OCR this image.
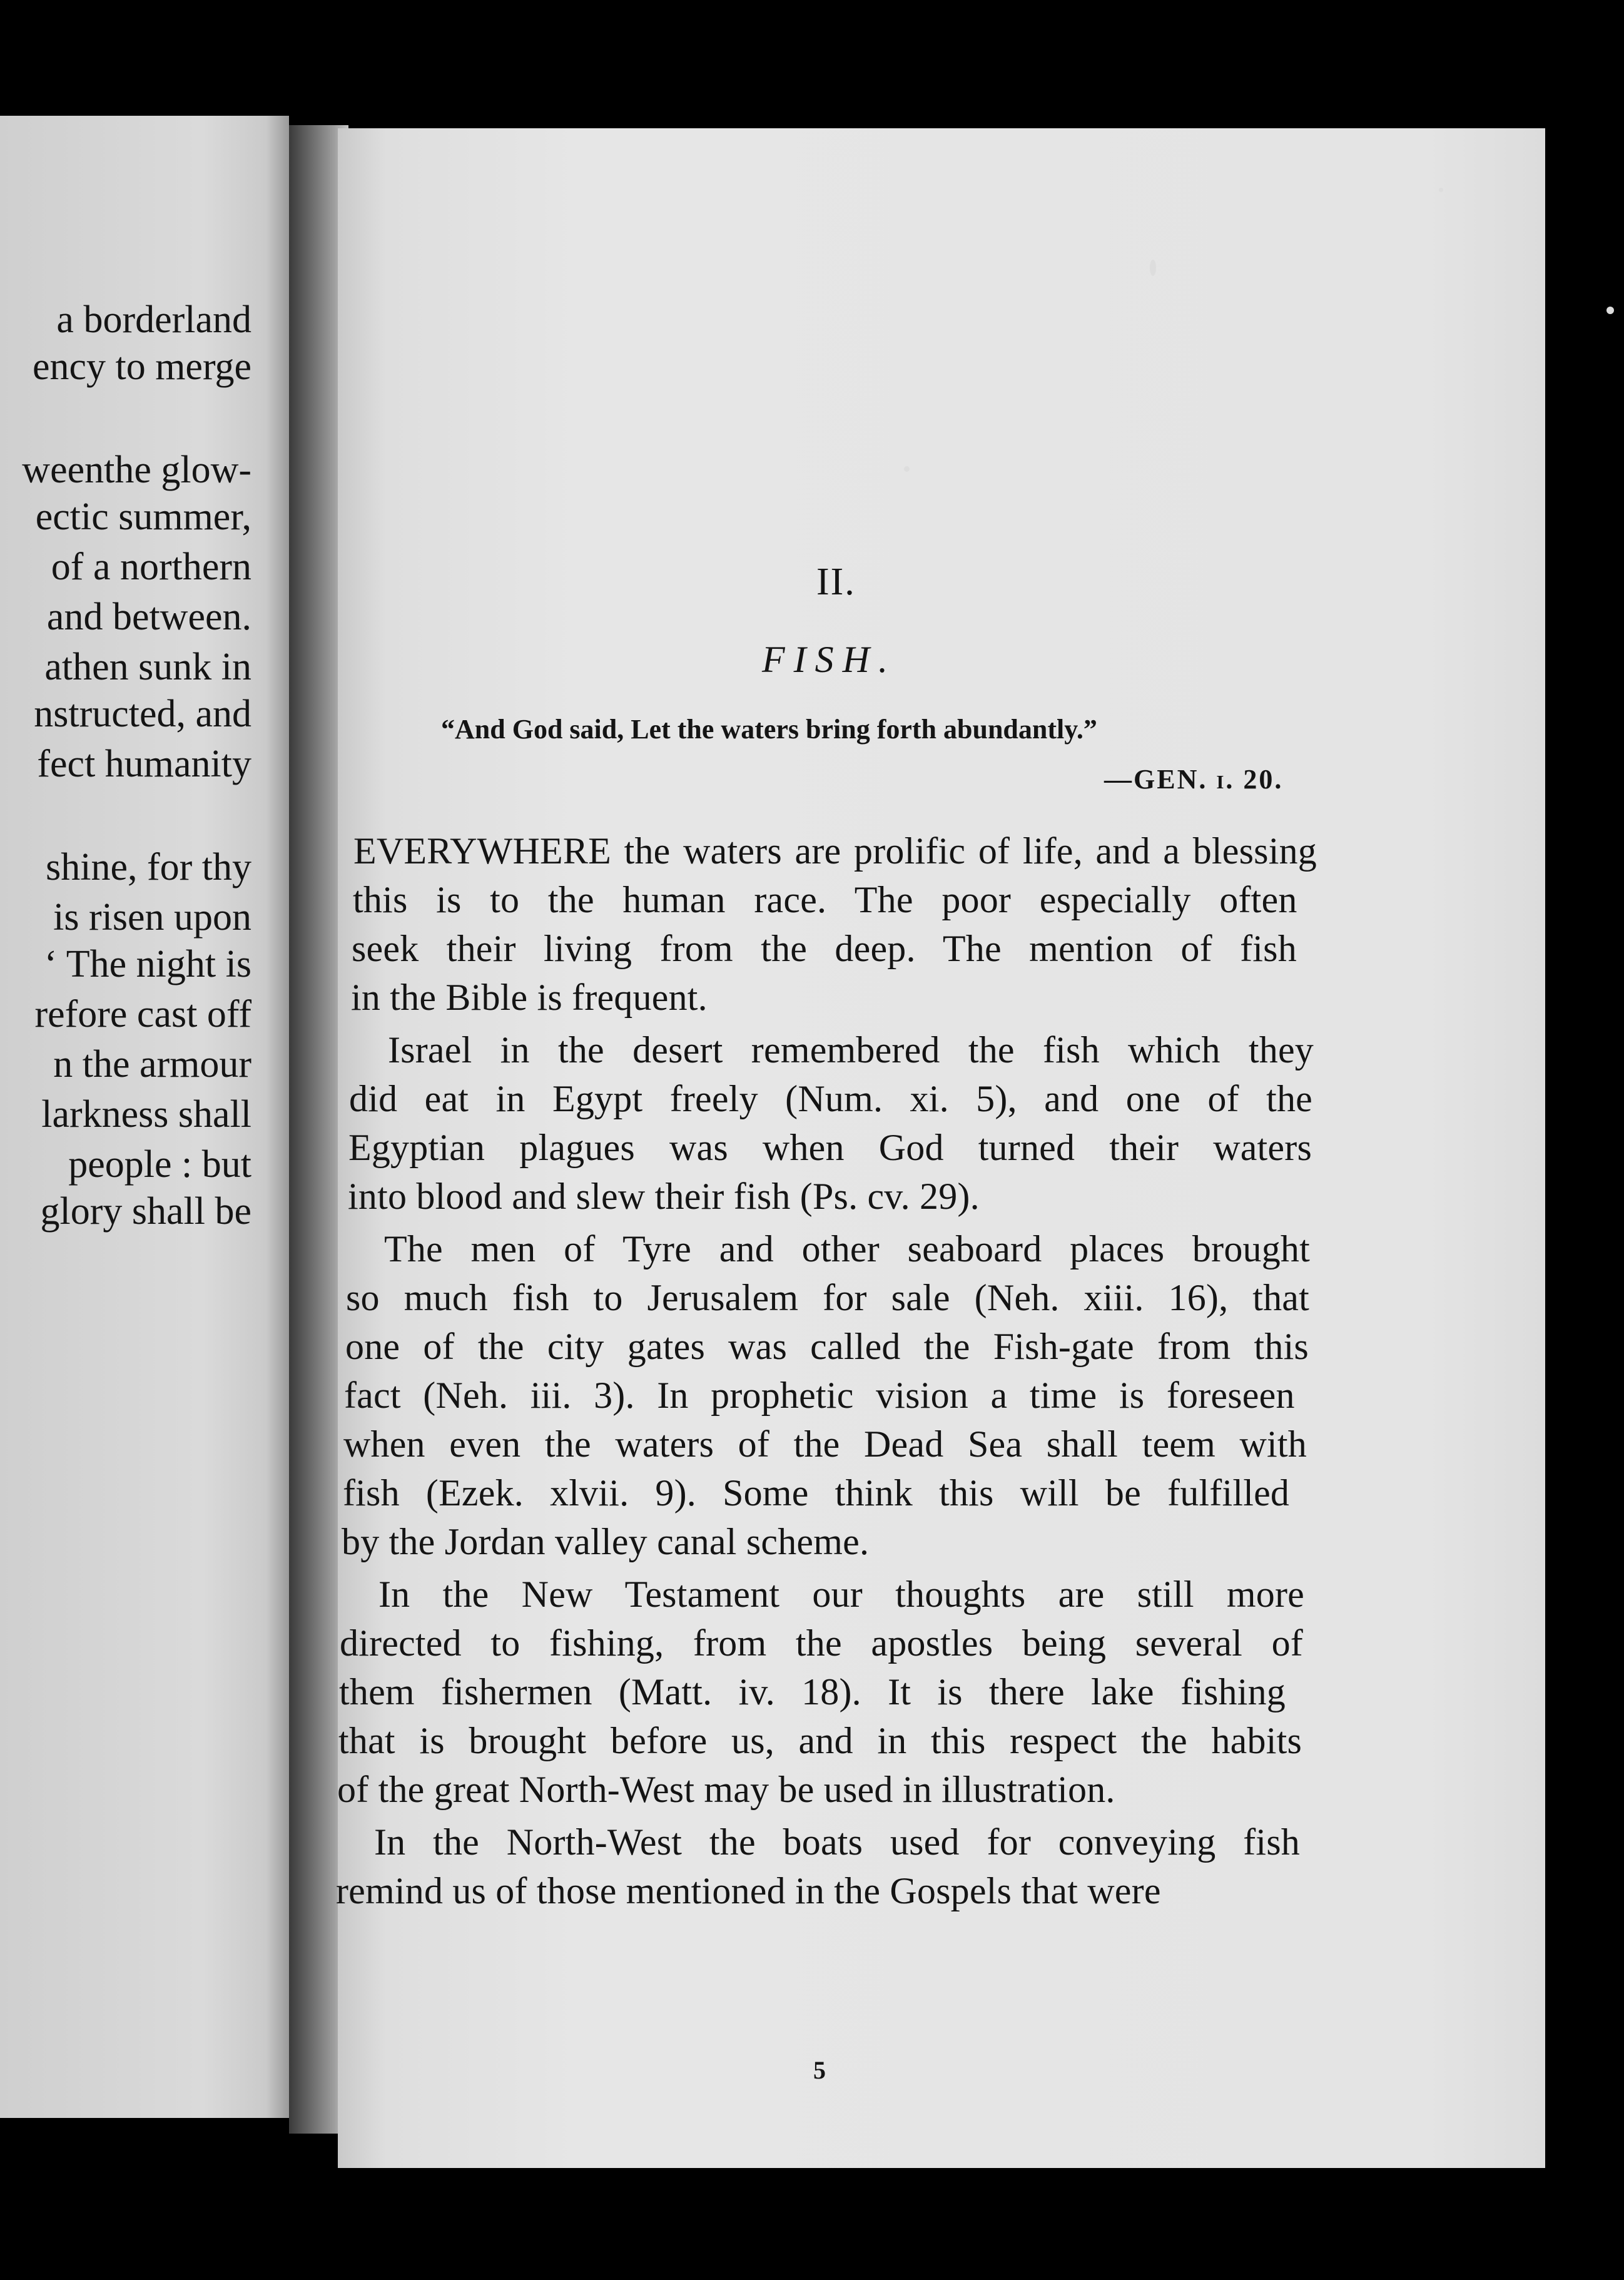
a borderland
ency to merge
weenthe glow-
ectic summer,
of a northern
and between.
athen sunk in
nstructed, and
fect humanity
shine, for thy
is risen upon
‘ The night is
refore cast off
n the armour
larkness shall
people : but
glory shall be
II.
FISH.
“And God said, Let the waters bring forth abundantly.”
—GEN. i. 20.
EVERYWHERE the waters are prolific of life, and a blessing
this is to the human race. The poor especially often
seek their living from the deep. The mention of fish
in the Bible is frequent.
Israel in the desert remembered the fish which they
did eat in Egypt freely (Num. xi. 5), and one of the
Egyptian plagues was when God turned their waters
into blood and slew their fish (Ps. cv. 29).
The men of Tyre and other seaboard places brought
so much fish to Jerusalem for sale (Neh. xiii. 16), that
one of the city gates was called the Fish-gate from this
fact (Neh. iii. 3). In prophetic vision a time is foreseen
when even the waters of the Dead Sea shall teem with
fish (Ezek. xlvii. 9). Some think this will be fulfilled
by the Jordan valley canal scheme.
In the New Testament our thoughts are still more
directed to fishing, from the apostles being several of
them fishermen (Matt. iv. 18). It is there lake fishing
that is brought before us, and in this respect the habits
of the great North-West may be used in illustration.
In the North-West the boats used for conveying fish
remind us of those mentioned in the Gospels that were
5
